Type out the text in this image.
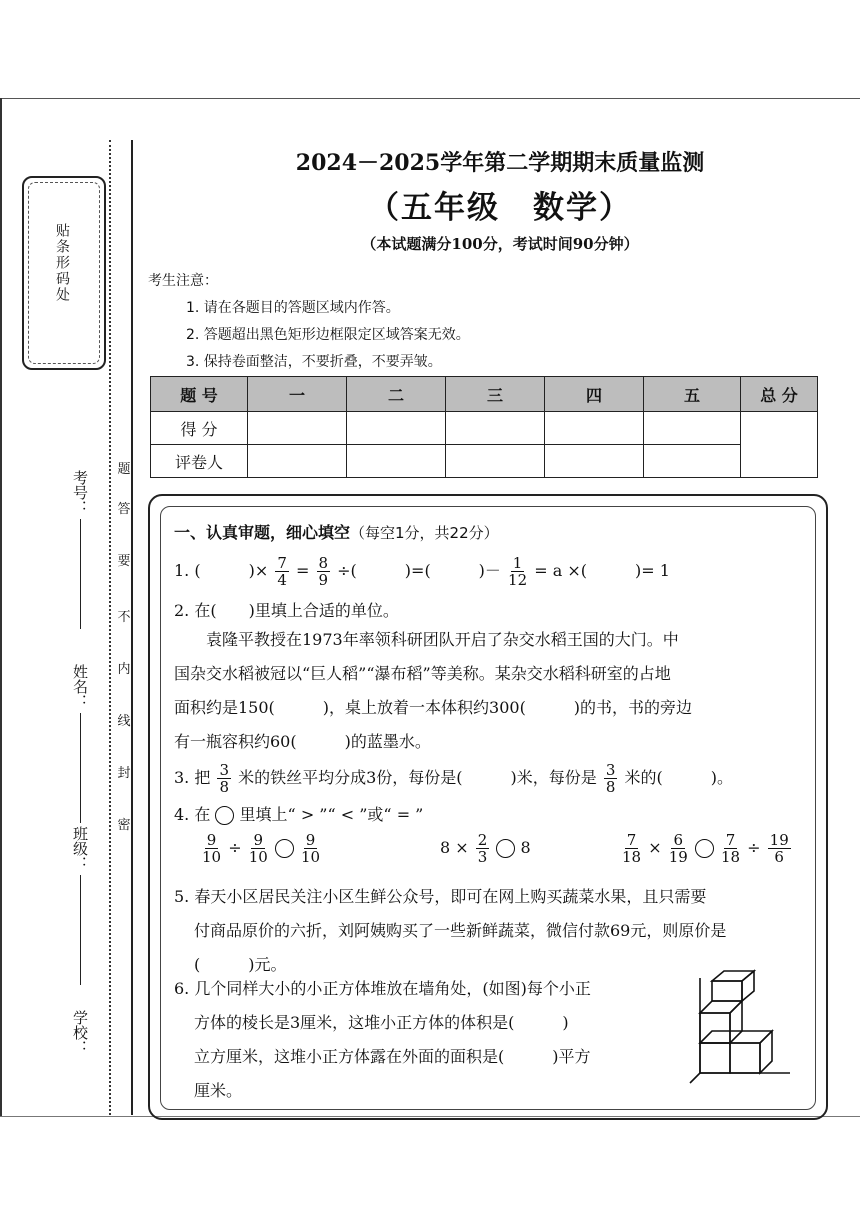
贴条形码处
考号：
姓名：
班级：
学校：
题
答
要
不
内
线
封
密
2024－2025学年第二学期期末质量监测
（五年级　数学）
（本试题满分100分，考试时间90分钟）
考生注意：
1. 请在各题目的答题区域内作答。
2. 答题超出黑色矩形边框限定区域答案无效。
3. 保持卷面整洁，不要折叠，不要弄皱。
题 号	一	二	三	四	五	总 分
得 分						
评卷人						
一、认真审题，细心填空（每空1分，共22分）
1. (　　　)× $\frac{7}{4} = \frac{8}{9}$ ÷(　　　)=(　　　)－ $\frac{1}{12} = a$ ×(　　　)= 1
2. 在(　　)里填上合适的单位。
袁隆平教授在1973年率领科研团队开启了杂交水稻王国的大门。中
国杂交水稻被冠以“巨人稻”“瀑布稻”等美称。某杂交水稻科研室的占地
面积约是150(　　　)，桌上放着一本体积约300(　　　)的书，书的旁边
有一瓶容积约60(　　　)的蓝墨水。
3. 把 $\frac{3}{8}$ 米的铁丝平均分成3份，每份是(　　　)米，每份是 $\frac{3}{8}$ 米的(　　　)。
4. 在 里填上“ > ”“ < ”或“ = ”
$\frac{9}{10} \div \frac{9}{10}$
$\frac{9}{10}$	$8 \times \frac{2}{3} 8$	$\frac{7}{18} \times \frac{6}{19}$
$\frac{7}{18} \div \frac{19}{6}$
5. 春天小区居民关注小区生鲜公众号，即可在网上购买蔬菜水果，且只需要
付商品原价的六折，刘阿姨购买了一些新鲜蔬菜，微信付款69元，则原价是
(　　　)元。
6. 几个同样大小的小正方体堆放在墙角处，(如图)每个小正
方体的棱长是3厘米，这堆小正方体的体积是(　　　)
立方厘米，这堆小正方体露在外面的面积是(　　　)平方
厘米。
